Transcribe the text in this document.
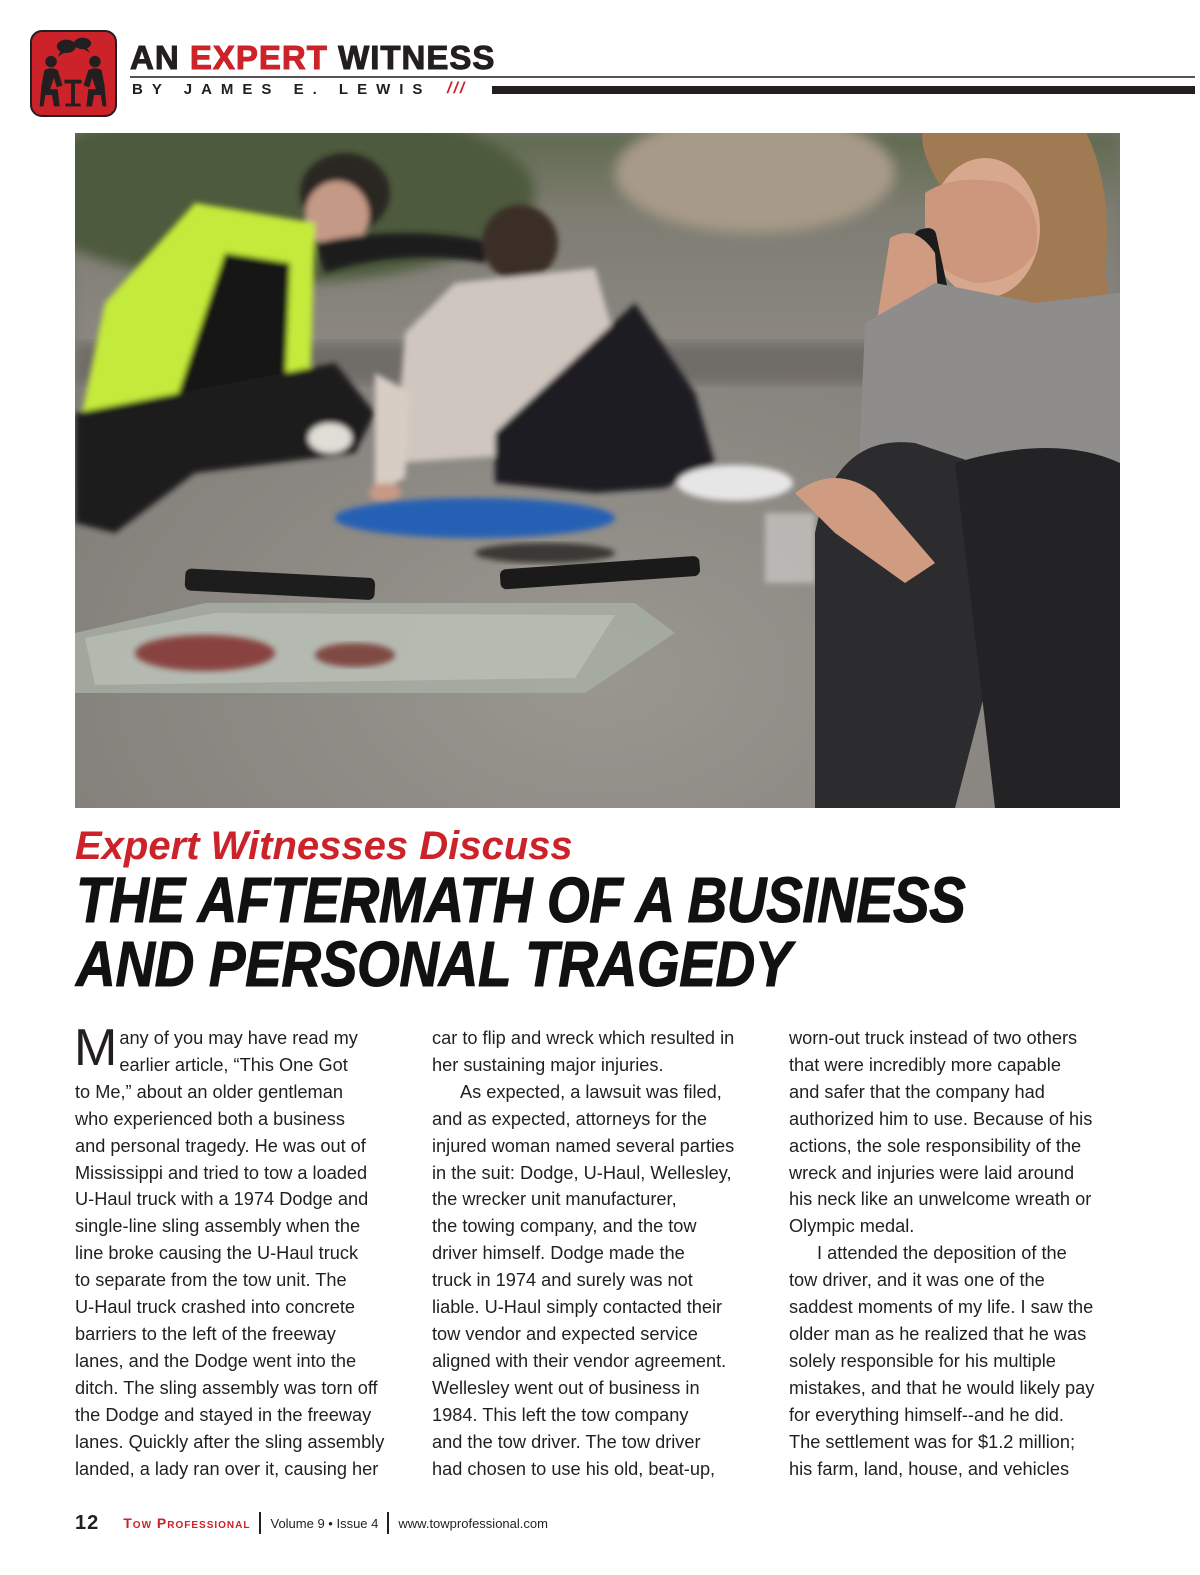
AN EXPERT WITNESS

BY JAMES E. LEWIS ///
Expert Witnesses Discuss
THE AFTERMATH OF A BUSINESS
AND PERSONAL TRAGEDY
M any of you may have read my

earlier article, “This One Got

to Me,” about an older gentleman

who experienced both a business

and personal tragedy. He was out of

Mississippi and tried to tow a loaded

U-Haul truck with a 1974 Dodge and

single-line sling assembly when the

line broke causing the U-Haul truck

to separate from the tow unit. The

U-Haul truck crashed into concrete

barriers to the left of the freeway

lanes, and the Dodge went into the

ditch. The sling assembly was torn off

the Dodge and stayed in the freeway

lanes. Quickly after the sling assembly

landed, a lady ran over it, causing her

car to flip and wreck which resulted in

her sustaining major injuries.

As expected, a lawsuit was filed,

and as expected, attorneys for the

injured woman named several parties

in the suit: Dodge, U-Haul, Wellesley,

the wrecker unit manufacturer,

the towing company, and the tow

driver himself. Dodge made the

truck in 1974 and surely was not

liable. U-Haul simply contacted their

tow vendor and expected service

aligned with their vendor agreement.

Wellesley went out of business in

1984. This left the tow company

and the tow driver. The tow driver

had chosen to use his old, beat-up,

worn-out truck instead of two others

that were incredibly more capable

and safer that the company had

authorized him to use. Because of his

actions, the sole responsibility of the

wreck and injuries were laid around

his neck like an unwelcome wreath or

Olympic medal.

I attended the deposition of the

tow driver, and it was one of the

saddest moments of my life. I saw the

older man as he realized that he was

solely responsible for his multiple

mistakes, and that he would likely pay

for everything himself--and he did.

The settlement was for $1.2 million;

his farm, land, house, and vehicles

12 Tow Professional Volume 9 • Issue 4 www.towprofessional.com
